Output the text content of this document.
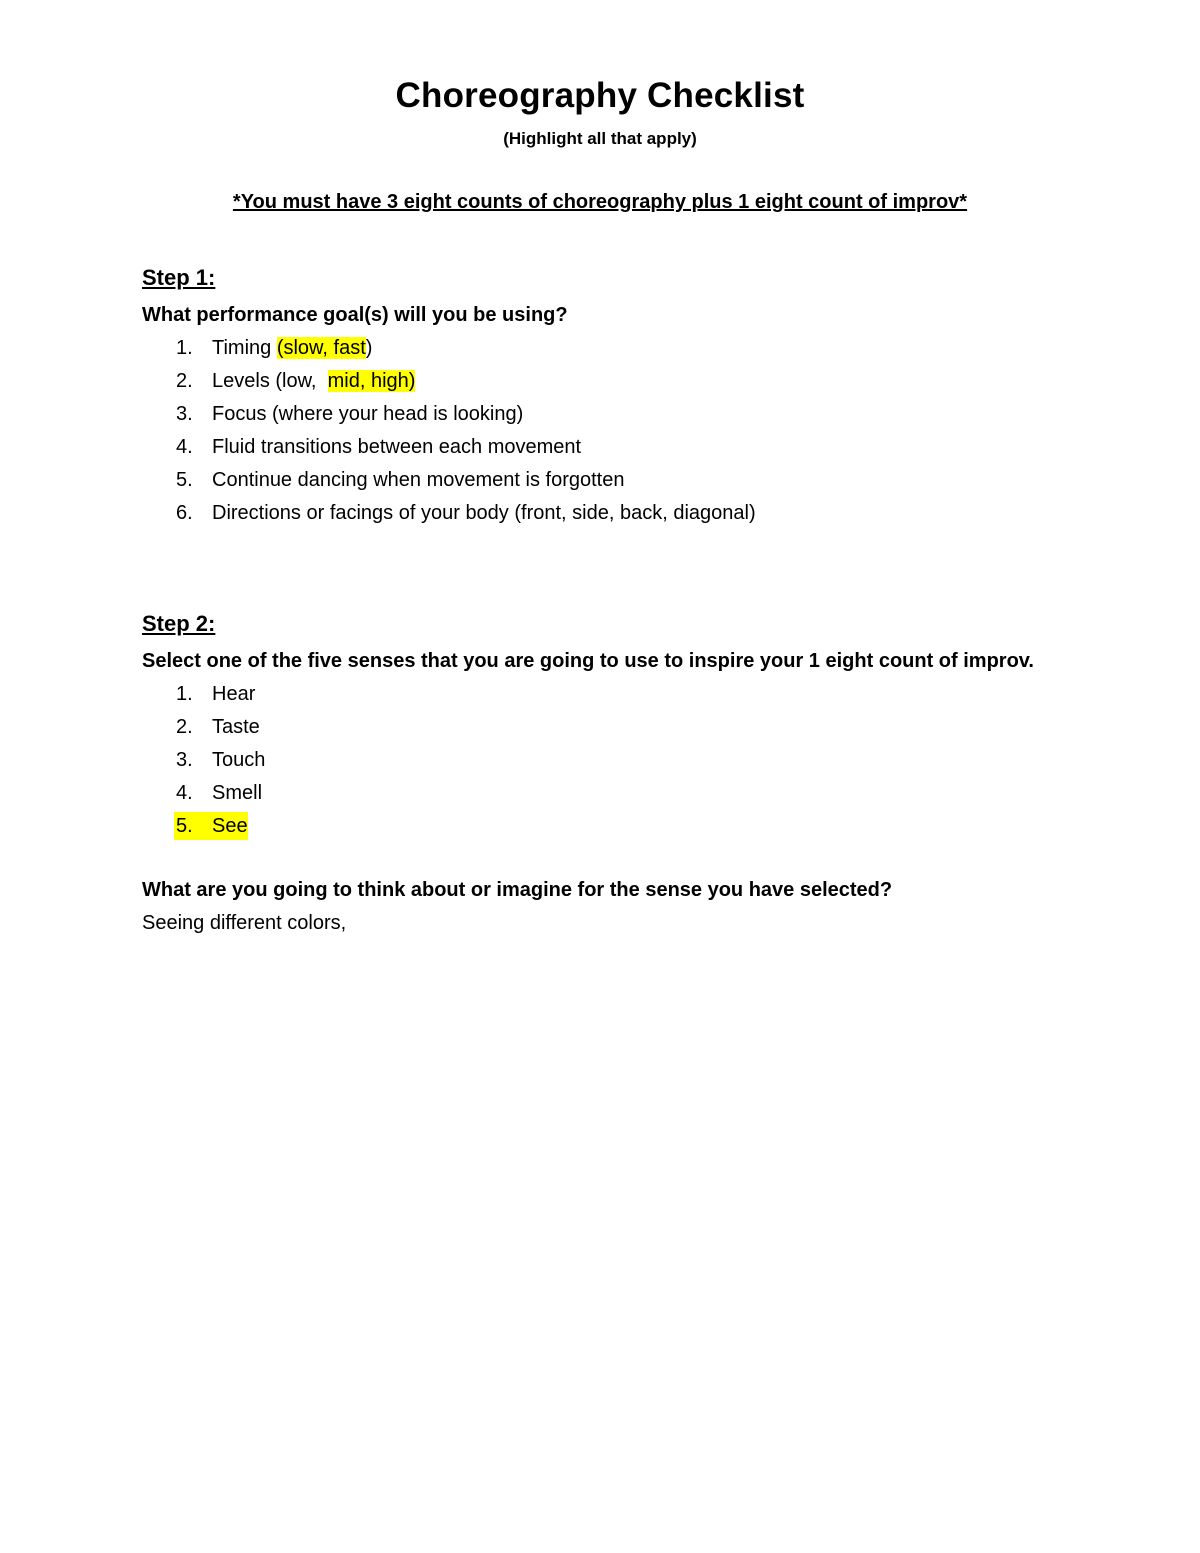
Choreography Checklist
(Highlight all that apply)
*You must have 3 eight counts of choreography plus 1 eight count of improv*
Step 1:
What performance goal(s) will you be using?
1. Timing (slow, fast)
2. Levels (low,  mid, high)
3. Focus (where your head is looking)
4. Fluid transitions between each movement
5. Continue dancing when movement is forgotten
6. Directions or facings of your body (front, side, back, diagonal)
Step 2:
Select one of the five senses that you are going to use to inspire your 1 eight count of improv.
1. Hear
2. Taste
3. Touch
4. Smell
5. See
What are you going to think about or imagine for the sense you have selected?
Seeing different colors,
